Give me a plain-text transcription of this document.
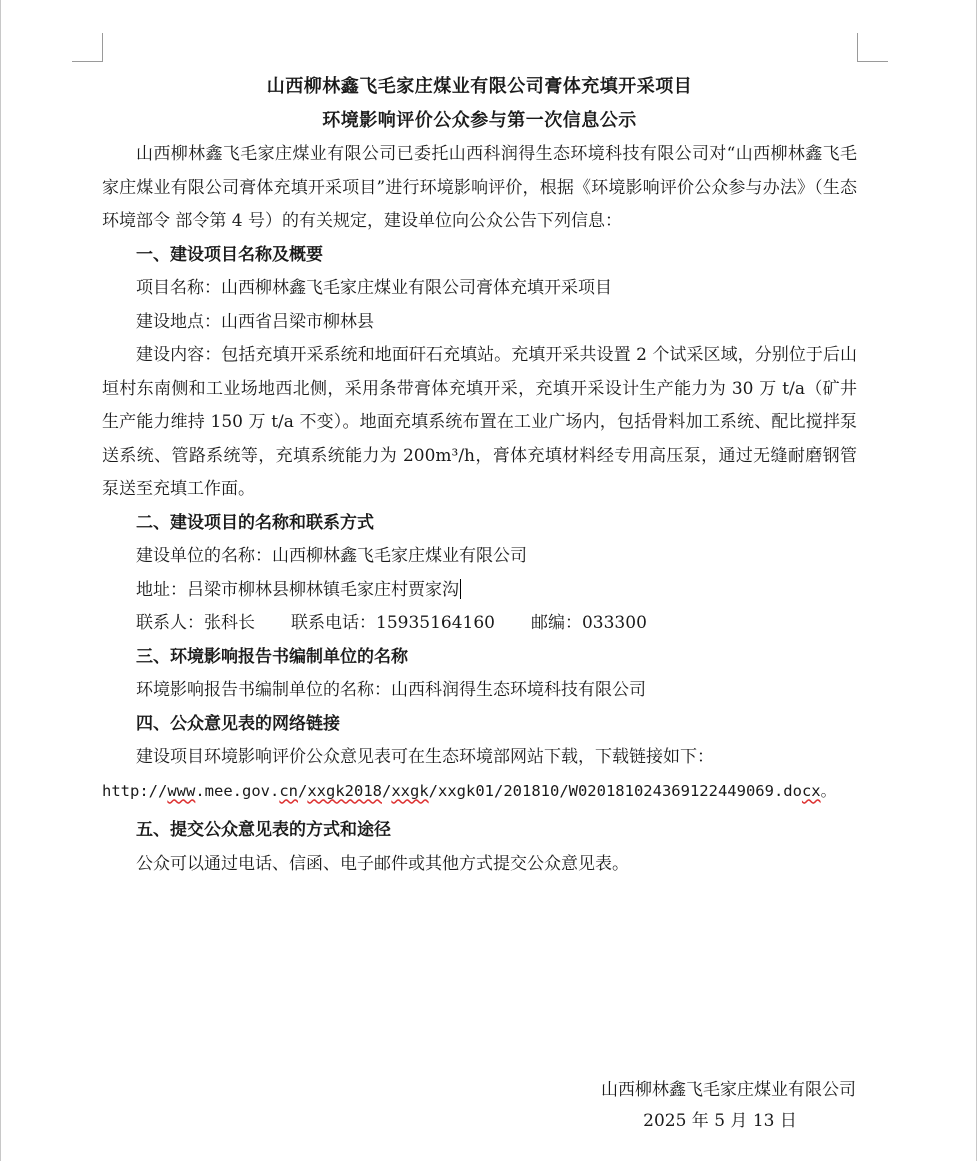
山西柳林鑫飞毛家庄煤业有限公司膏体充填开采项目
环境影响评价公众参与第一次信息公示

山西柳林鑫飞毛家庄煤业有限公司已委托山西科润得生态环境科技有限公司对“山西柳林鑫飞毛家庄煤业有限公司膏体充填开采项目”进行环境影响评价，根据《环境影响评价公众参与办法》（生态环境部令 部令第 4 号）的有关规定，建设单位向公众公告下列信息：

一、建设项目名称及概要

项目名称：山西柳林鑫飞毛家庄煤业有限公司膏体充填开采项目

建设地点：山西省吕梁市柳林县

建设内容：包括充填开采系统和地面矸石充填站。充填开采共设置 2 个试采区域，分别位于后山垣村东南侧和工业场地西北侧，采用条带膏体充填开采，充填开采设计生产能力为 30 万 t/a（矿井生产能力维持 150 万 t/a 不变）。地面充填系统布置在工业广场内，包括骨料加工系统、配比搅拌泵送系统、管路系统等，充填系统能力为 200m³/h，膏体充填材料经专用高压泵，通过无缝耐磨钢管泵送至充填工作面。

二、建设项目的名称和联系方式

建设单位的名称：山西柳林鑫飞毛家庄煤业有限公司

地址：吕梁市柳林县柳林镇毛家庄村贾家沟

联系人：张科长 联系电话：15935164160 邮编：033300

三、环境影响报告书编制单位的名称

环境影响报告书编制单位的名称：山西科润得生态环境科技有限公司

四、公众意见表的网络链接

建设项目环境影响评价公众意见表可在生态环境部网站下载，下载链接如下：

http://www.mee.gov.cn/xxgk2018/xxgk/xxgk01/201810/W020181024369122449069.docx。

五、提交公众意见表的方式和途径

公众可以通过电话、信函、电子邮件或其他方式提交公众意见表。

山西柳林鑫飞毛家庄煤业有限公司
2025 年 5 月 13 日
